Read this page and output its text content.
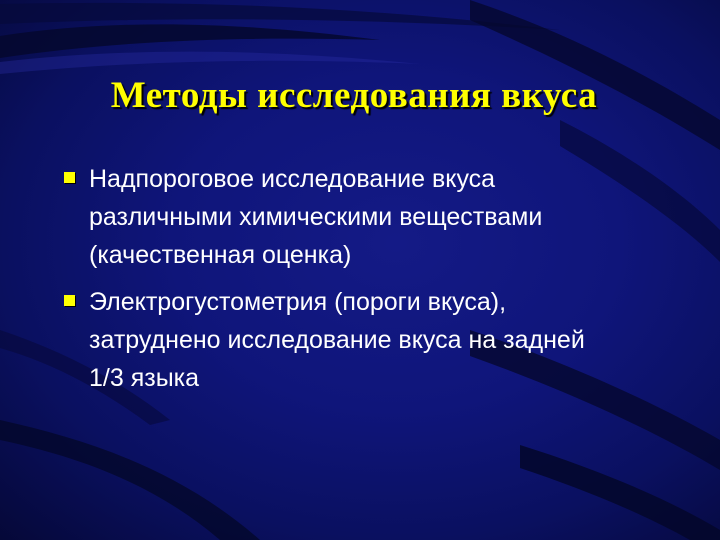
Методы исследования вкуса
Надпороговое исследование вкуса
различными химическими веществами
(качественная оценка)
Электрогустометрия (пороги вкуса),
затруднено исследование вкуса на задней
1/3 языка
